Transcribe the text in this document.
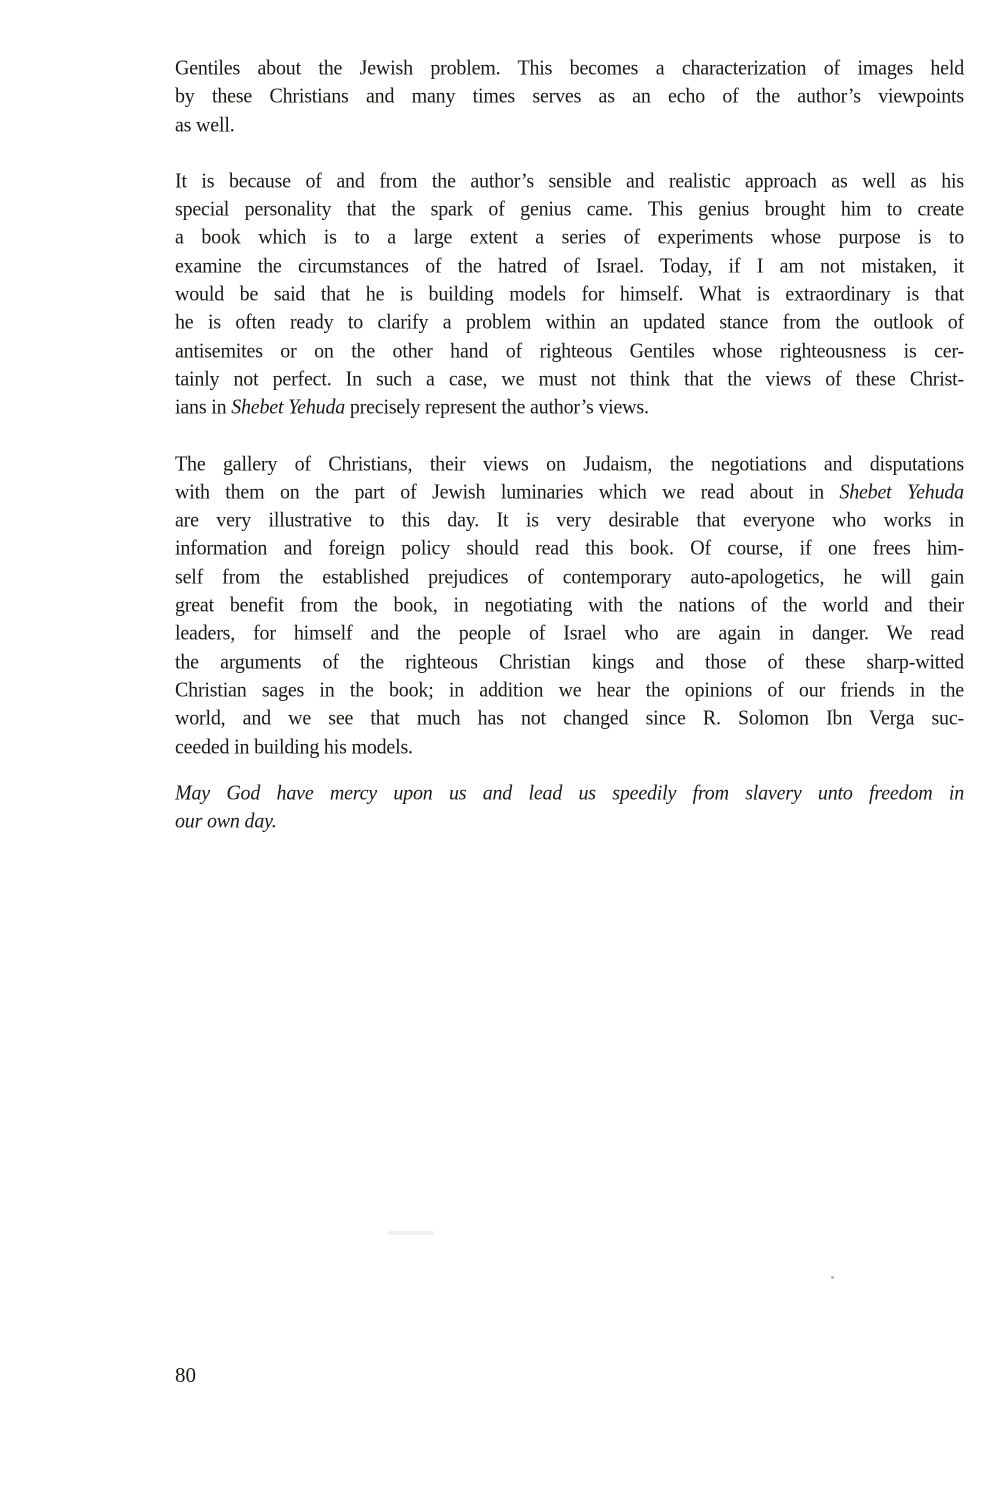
Gentiles about the Jewish problem. This becomes a characterization of images held
by these Christians and many times serves as an echo of the author’s viewpoints
as well.

It is because of and from the author’s sensible and realistic approach as well as his
special personality that the spark of genius came. This genius brought him to create
a book which is to a large extent a series of experiments whose purpose is to
examine the circumstances of the hatred of Israel. Today, if I am not mistaken, it
would be said that he is building models for himself. What is extraordinary is that
he is often ready to clarify a problem within an updated stance from the outlook of
antisemites or on the other hand of righteous Gentiles whose righteousness is cer-
tainly not perfect. In such a case, we must not think that the views of these Christ-
ians in Shebet Yehuda precisely represent the author’s views.

The gallery of Christians, their views on Judaism, the negotiations and disputations
with them on the part of Jewish luminaries which we read about in Shebet Yehuda
are very illustrative to this day. It is very desirable that everyone who works in
information and foreign policy should read this book. Of course, if one frees him-
self from the established prejudices of contemporary auto-apologetics, he will gain
great benefit from the book, in negotiating with the nations of the world and their
leaders, for himself and the people of Israel who are again in danger. We read
the arguments of the righteous Christian kings and those of these sharp-witted
Christian sages in the book; in addition we hear the opinions of our friends in the
world, and we see that much has not changed since R. Solomon Ibn Verga suc-
ceeded in building his models.

May God have mercy upon us and lead us speedily from slavery unto freedom in
our own day.

80
